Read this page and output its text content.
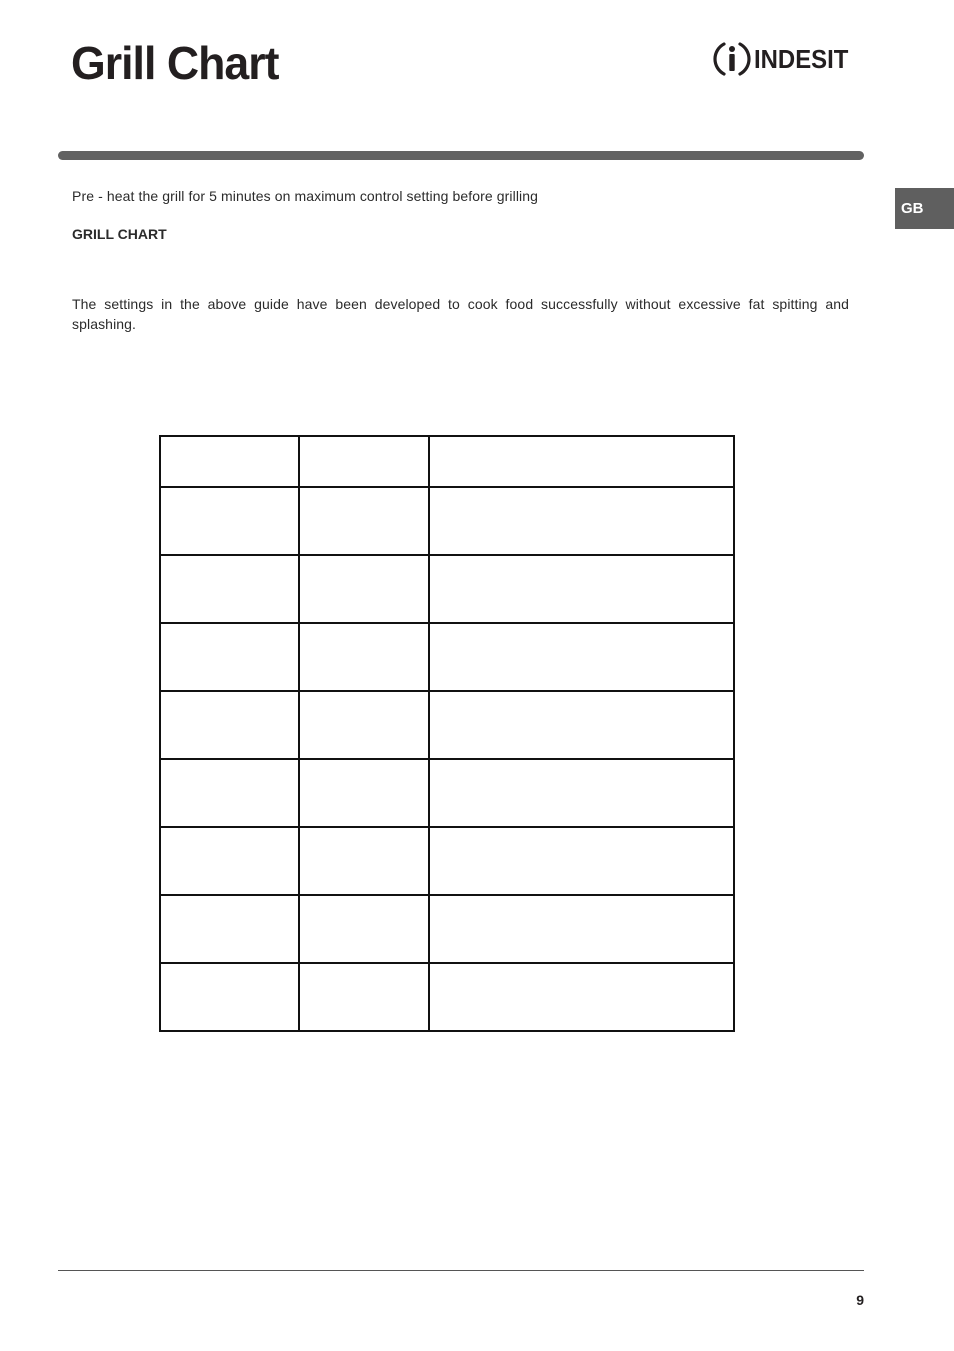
Grill Chart	INDESIT
GB
Pre - heat the grill for 5 minutes on maximum control setting before grilling
GRILL CHART

The settings in the above guide have been developed to cook food successfully without excessive fat spitting and splashing.

9
